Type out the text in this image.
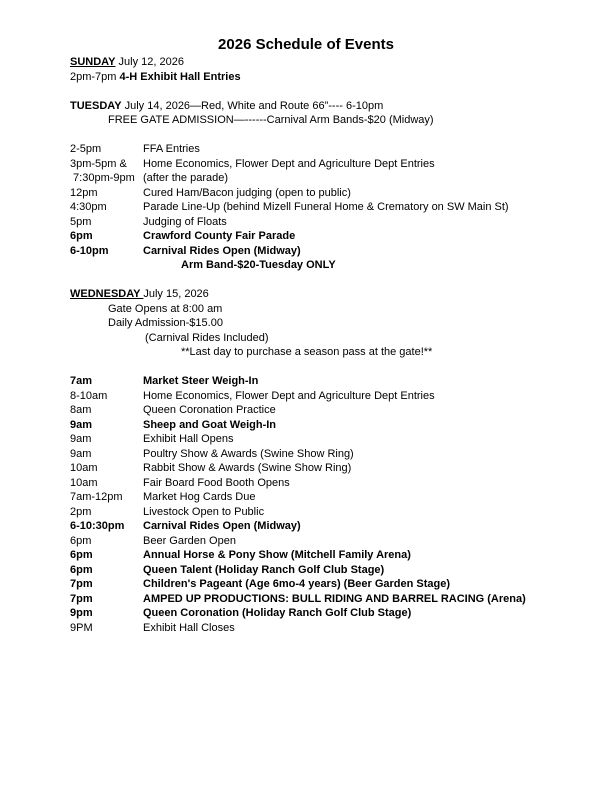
2026 Schedule of Events
SUNDAY July 12, 2026
2pm-7pm 4-H Exhibit Hall Entries
TUESDAY July 14, 2026—Red, White and Route 66”---- 6-10pm
FREE GATE ADMISSION—------Carnival Arm Bands-$20 (Midway)
2-5pm	FFA Entries
3pm-5pm & Home Economics, Flower Dept and Agriculture Dept Entries
7:30pm-9pm (after the parade)
12pm	Cured Ham/Bacon judging (open to public)
4:30pm	Parade Line-Up (behind Mizell Funeral Home & Crematory on SW Main St)
5pm	Judging of Floats
6pm	Crawford County Fair Parade
6-10pm	Carnival Rides Open (Midway)
Arm Band-$20-Tuesday ONLY
WEDNESDAY July 15, 2026
Gate Opens at 8:00 am
Daily Admission-$15.00
(Carnival Rides Included)
**Last day to purchase a season pass at the gate!**
7am	Market Steer Weigh-In
8-10am	Home Economics, Flower Dept and Agriculture Dept Entries
8am	Queen Coronation Practice
9am	Sheep and Goat Weigh-In
9am	Exhibit Hall Opens
9am	Poultry Show & Awards (Swine Show Ring)
10am	Rabbit Show & Awards (Swine Show Ring)
10am	Fair Board Food Booth Opens
7am-12pm Market Hog Cards Due
2pm	Livestock Open to Public
6-10:30pm Carnival Rides Open (Midway)
6pm	Beer Garden Open
6pm	Annual Horse & Pony Show (Mitchell Family Arena)
6pm	Queen Talent (Holiday Ranch Golf Club Stage)
7pm	Children's Pageant (Age 6mo-4 years) (Beer Garden Stage)
7pm	AMPED UP PRODUCTIONS: BULL RIDING AND BARREL RACING (Arena)
9pm	Queen Coronation (Holiday Ranch Golf Club Stage)
9PM	Exhibit Hall Closes
